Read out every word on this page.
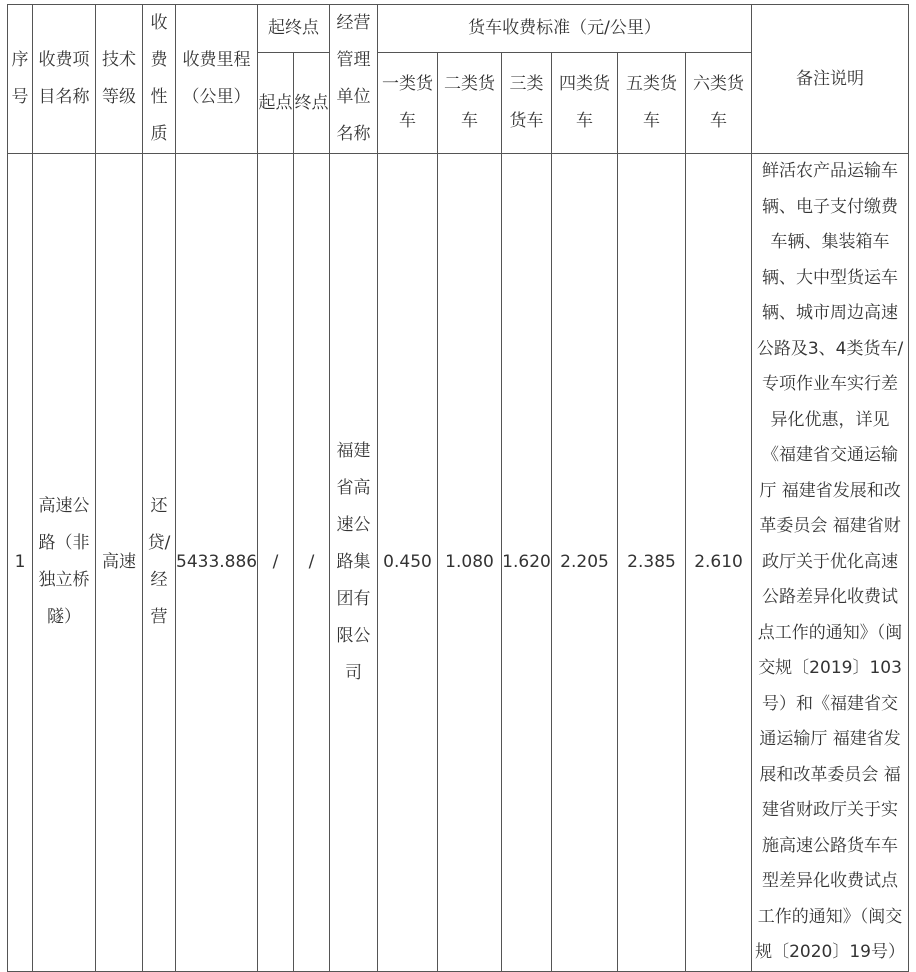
序号	收费项目名称	技术等级	收费性质	收费里程（公里）	起终点		经营管理单位名称	货车收费标准（元/公里）						备注说明
					起点	终点		一类货车	二类货车	三类货车	四类货车	五类货车	六类货车	
1	高速公路（非独立桥隧）	高速	还贷/经营	5433.886	/	/	福建省高速公路集团有限公司	0.450	1.080	1.620	2.205	2.385	2.610	鲜活农产品运输车辆、电子支付缴费车辆、集装箱车辆、大中型货运车辆、城市周边高速公路及3、4类货车/专项作业车实行差异化优惠，详见《福建省交通运输厅 福建省发展和改革委员会 福建省财政厅关于优化高速公路差异化收费试点工作的通知》（闽交规〔2019〕103号）和《福建省交通运输厅 福建省发展和改革委员会 福建省财政厅关于实施高速公路货车车型差异化收费试点工作的通知》（闽交规〔2020〕19号）
